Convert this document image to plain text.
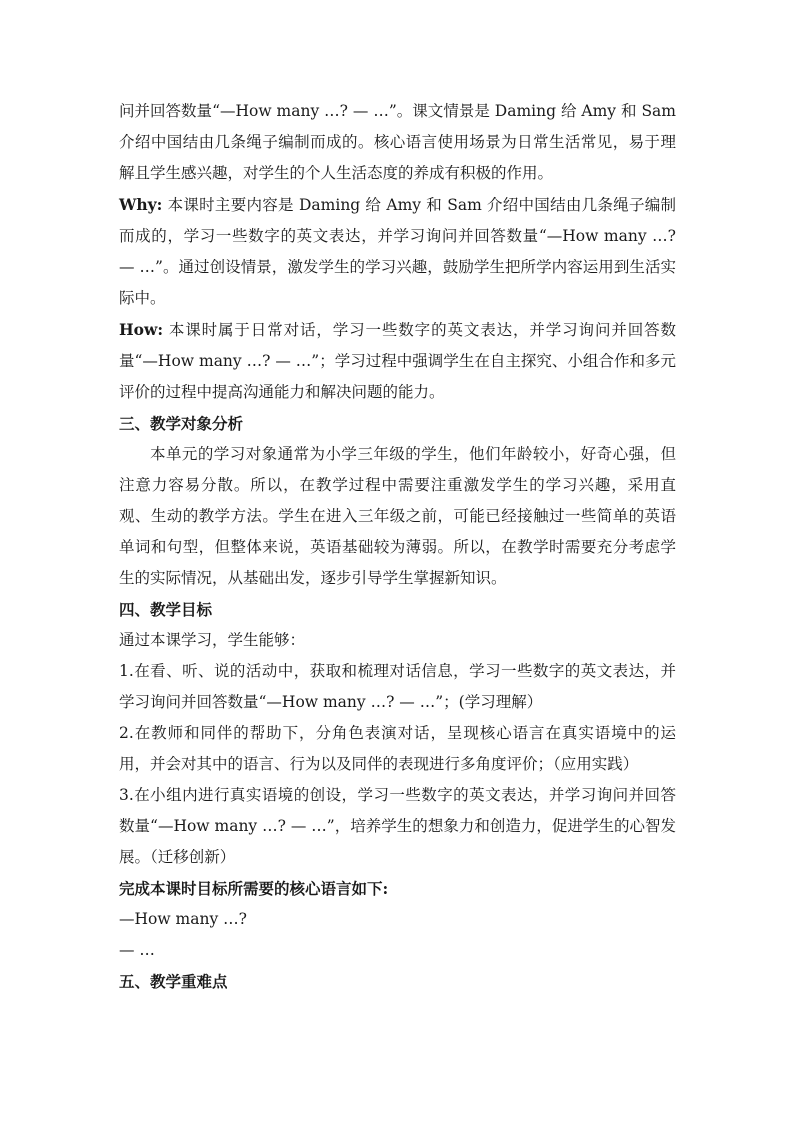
问并回答数量“—How many …? — …”。课文情景是 Daming 给 Amy 和 Sam 介绍中国结由几条绳子编制而成的。核心语言使用场景为日常生活常见，易于理解且学生感兴趣，对学生的个人生活态度的养成有积极的作用。

Why: 本课时主要内容是 Daming 给 Amy 和 Sam 介绍中国结由几条绳子编制而成的，学习一些数字的英文表达，并学习询问并回答数量“—How many …? — …”。通过创设情景，激发学生的学习兴趣，鼓励学生把所学内容运用到生活实际中。

How: 本课时属于日常对话，学习一些数字的英文表达，并学习询问并回答数量“—How many …? — …”；学习过程中强调学生在自主探究、小组合作和多元评价的过程中提高沟通能力和解决问题的能力。

三、教学对象分析

本单元的学习对象通常为小学三年级的学生，他们年龄较小，好奇心强，但注意力容易分散。所以，在教学过程中需要注重激发学生的学习兴趣，采用直观、生动的教学方法。学生在进入三年级之前，可能已经接触过一些简单的英语单词和句型，但整体来说，英语基础较为薄弱。所以，在教学时需要充分考虑学生的实际情况，从基础出发，逐步引导学生掌握新知识。

四、教学目标

通过本课学习，学生能够：

1.在看、听、说的活动中，获取和梳理对话信息，学习一些数字的英文表达，并学习询问并回答数量“—How many …? — …”；(学习理解）

2.在教师和同伴的帮助下，分角色表演对话，呈现核心语言在真实语境中的运用，并会对其中的语言、行为以及同伴的表现进行多角度评价；（应用实践）

3.在小组内进行真实语境的创设，学习一些数字的英文表达，并学习询问并回答数量“—How many …? — …”，培养学生的想象力和创造力，促进学生的心智发展。（迁移创新）

完成本课时目标所需要的核心语言如下:

—How many …?

— …

五、教学重难点
